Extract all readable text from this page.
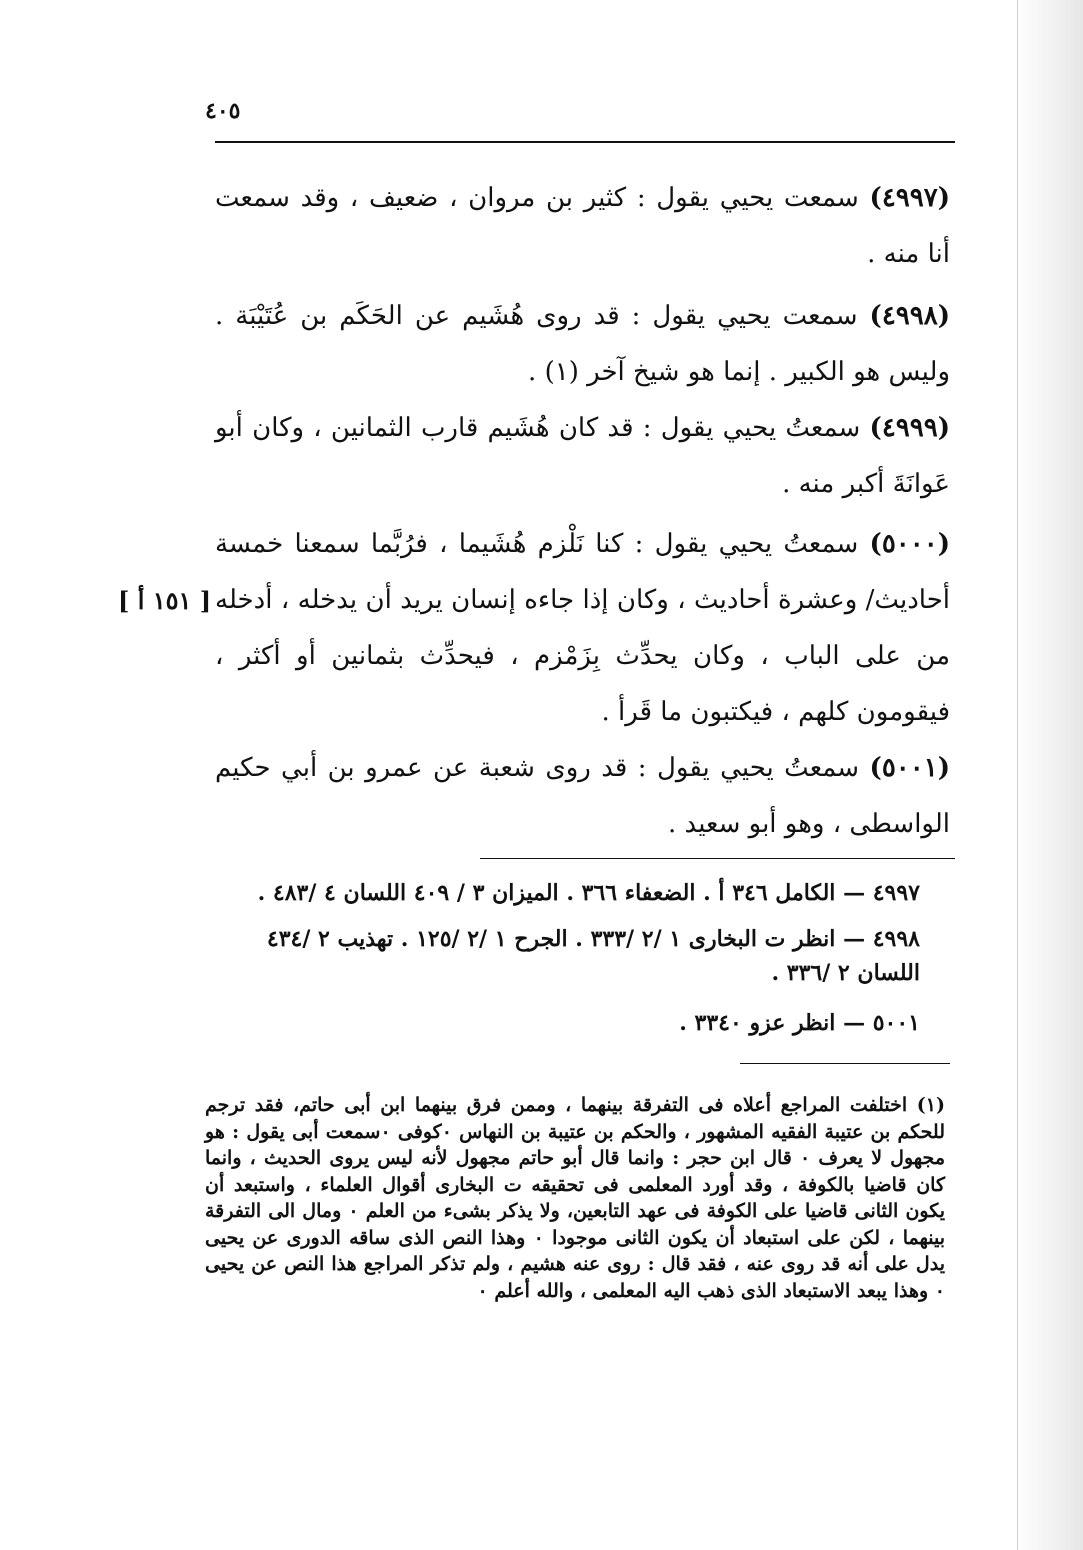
٤٠٥
(٤٩٩٧) سمعت يحيي يقول : كثير بن مروان ، ضعيف ، وقد سمعت أنا منه .
(٤٩٩٨) سمعت يحيي يقول : قد روى هُشَيم عن الحَكَم بن عُتَيْبَة . وليس هو الكبير . إنما هو شيخ آخر (١) .
(٤٩٩٩) سمعتُ يحيي يقول : قد كان هُشَيم قارب الثمانين ، وكان أبو عَوانَةَ أكبر منه .
(٥٠٠٠) سمعتُ يحيي يقول : كنا نَلْزم هُشَيما ، فرُبَّما سمعنا خمسة أحاديث/ وعشرة أحاديث ، وكان إذا جاءه إنسان يريد أن يدخله ، أدخله من على الباب ، وكان يحدِّث بِزَمْزم ، فيحدِّث بثمانين أو أكثر ، فيقومون كلهم ، فيكتبون ما قَرأ .
[ ١٥١ أ ]
(٥٠٠١) سمعتُ يحيي يقول : قد روى شعبة عن عمرو بن أبي حكيم الواسطى ، وهو أبو سعيد .
٤٩٩٧ — الكامل ٣٤٦ أ . الضعفاء ٣٦٦ . الميزان ٣ / ٤٠٩ اللسان ٤ /٤٨٣ .
٤٩٩٨ — انظر ت البخارى ١ /٢ /٣٣٣ . الجرح ١ /٢ /١٢٥ . تهذيب ٢ /٤٣٤ اللسان ٢ /٣٣٦ .
٥٠٠١ — انظر عزو ٣٣٤٠ .
(١) اختلفت المراجع أعلاه فى التفرقة بينهما ، وممن فرق بينهما ابن أبى حاتم، فقد ترجم للحكم بن عتيبة الفقيه المشهور ، والحكم بن عتيبة بن النهاس ٠كوفى ٠سمعت أبى يقول : هو مجهول لا يعرف ٠ قال ابن حجر : وانما قال أبو حاتم مجهول لأنه ليس يروى الحديث ، وانما كان قاضيا بالكوفة ، وقد أورد المعلمى فى تحقيقه ت البخارى أقوال العلماء ، واستبعد أن يكون الثانى قاضيا على الكوفة فى عهد التابعين، ولا يذكر بشىء من العلم ٠ ومال الى التفرقة بينهما ، لكن على استبعاد أن يكون الثانى موجودا ٠ وهذا النص الذى ساقه الدورى عن يحيى يدل على أنه قد روى عنه ، فقد قال : روى عنه هشيم ، ولم تذكر المراجع هذا النص عن يحيى ٠ وهذا يبعد الاستبعاد الذى ذهب اليه المعلمى ، والله أعلم ٠
